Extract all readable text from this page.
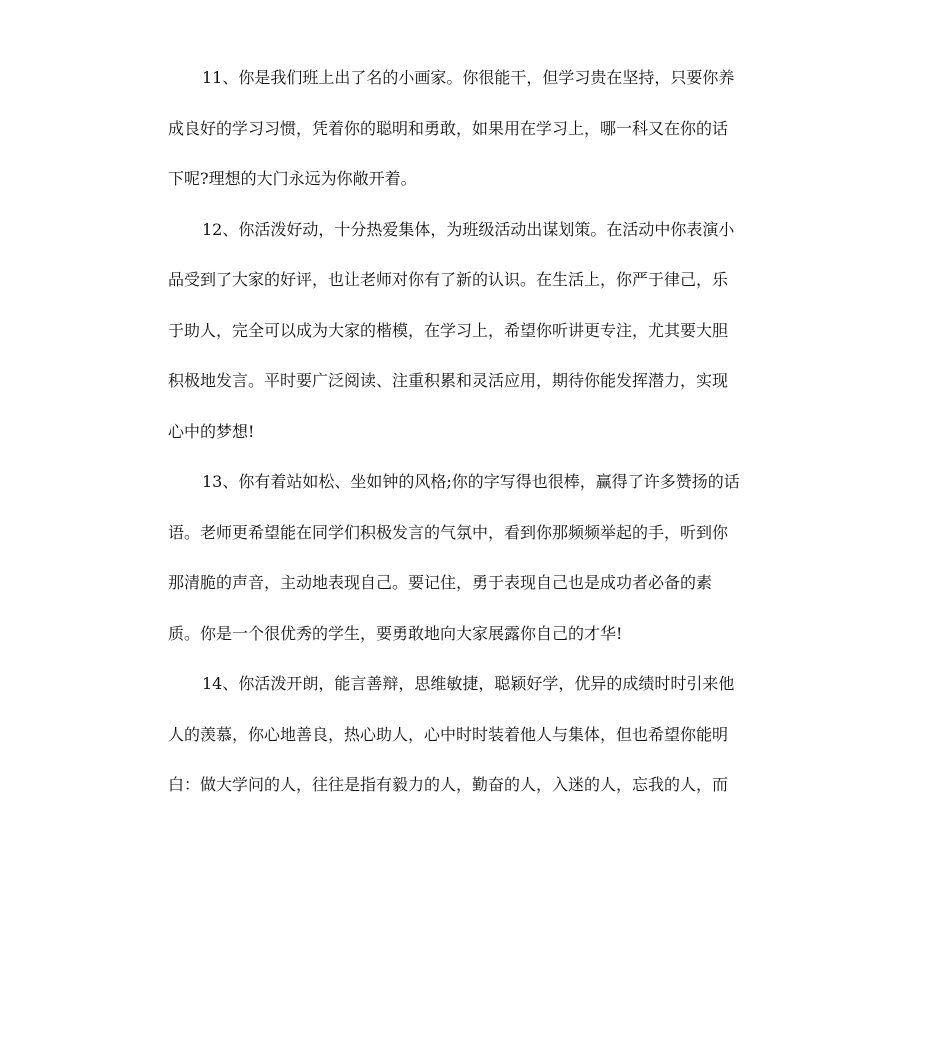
11、你是我们班上出了名的小画家。你很能干，但学习贵在坚持，只要你养
成良好的学习习惯，凭着你的聪明和勇敢，如果用在学习上，哪一科又在你的话
下呢?理想的大门永远为你敞开着。

12、你活泼好动，十分热爱集体，为班级活动出谋划策。在活动中你表演小
品受到了大家的好评，也让老师对你有了新的认识。在生活上，你严于律己，乐
于助人，完全可以成为大家的楷模，在学习上，希望你听讲更专注，尤其要大胆
积极地发言。平时要广泛阅读、注重积累和灵活应用，期待你能发挥潜力，实现
心中的梦想!

13、你有着站如松、坐如钟的风格;你的字写得也很棒，赢得了许多赞扬的话
语。老师更希望能在同学们积极发言的气氛中，看到你那频频举起的手，听到你
那清脆的声音，主动地表现自己。要记住，勇于表现自己也是成功者必备的素
质。你是一个很优秀的学生，要勇敢地向大家展露你自己的才华!

14、你活泼开朗，能言善辩，思维敏捷，聪颖好学，优异的成绩时时引来他
人的羡慕，你心地善良，热心助人，心中时时装着他人与集体，但也希望你能明
白：做大学问的人，往往是指有毅力的人，勤奋的人，入迷的人，忘我的人，而
